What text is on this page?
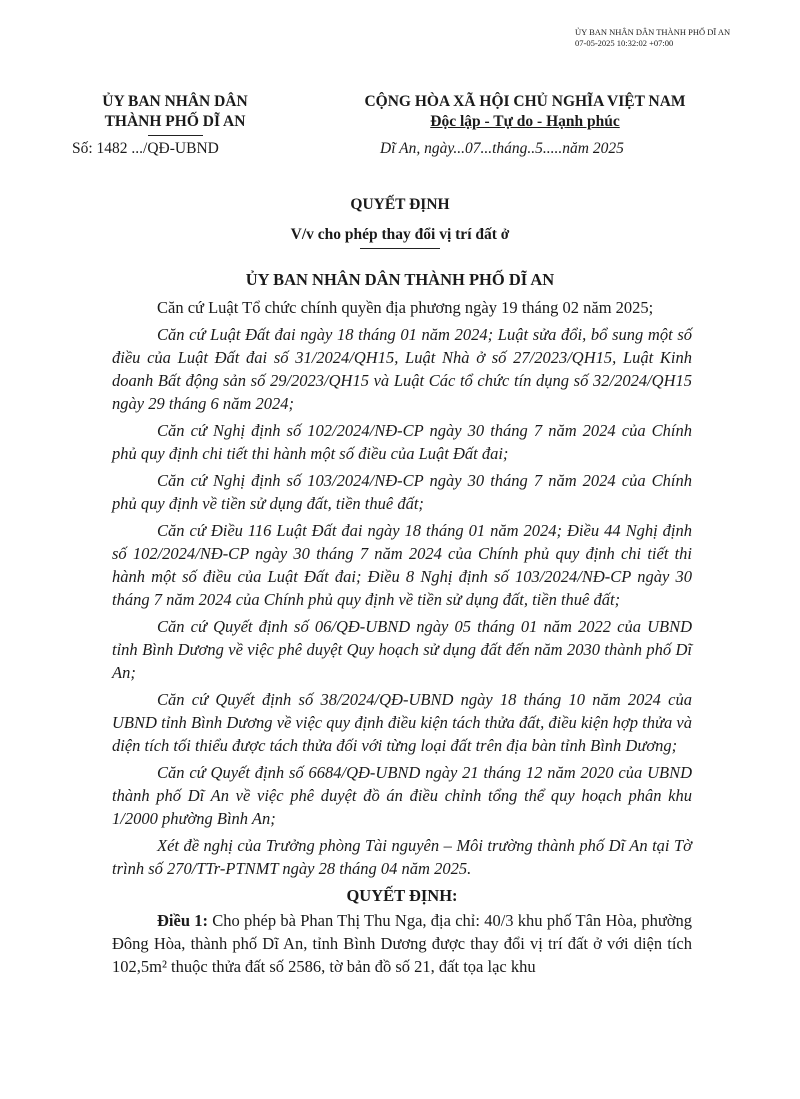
ỦY BAN NHÂN DÂN THÀNH PHỐ DĨ AN
07-05-2025 10:32:02 +07:00
ỦY BAN NHÂN DÂN
THÀNH PHỐ DĨ AN
Số: 1482 .../QĐ-UBND
CỘNG HÒA XÃ HỘI CHỦ NGHĨA VIỆT NAM
Độc lập - Tự do - Hạnh phúc
Dĩ An, ngày...07...tháng..5.....năm 2025
QUYẾT ĐỊNH
V/v cho phép thay đổi vị trí đất ở
ỦY BAN NHÂN DÂN THÀNH PHỐ DĨ AN

Căn cứ Luật Tổ chức chính quyền địa phương ngày 19 tháng 02 năm 2025;

Căn cứ Luật Đất đai ngày 18 tháng 01 năm 2024; Luật sửa đổi, bổ sung một số điều của Luật Đất đai số 31/2024/QH15, Luật Nhà ở số 27/2023/QH15, Luật Kinh doanh Bất động sản số 29/2023/QH15 và Luật Các tổ chức tín dụng số 32/2024/QH15 ngày 29 tháng 6 năm 2024;

Căn cứ Nghị định số 102/2024/NĐ-CP ngày 30 tháng 7 năm 2024 của Chính phủ quy định chi tiết thi hành một số điều của Luật Đất đai;

Căn cứ Nghị định số 103/2024/NĐ-CP ngày 30 tháng 7 năm 2024 của Chính phủ quy định về tiền sử dụng đất, tiền thuê đất;

Căn cứ Điều 116 Luật Đất đai ngày 18 tháng 01 năm 2024; Điều 44 Nghị định số 102/2024/NĐ-CP ngày 30 tháng 7 năm 2024 của Chính phủ quy định chi tiết thi hành một số điều của Luật Đất đai; Điều 8 Nghị định số 103/2024/NĐ-CP ngày 30 tháng 7 năm 2024 của Chính phủ quy định về tiền sử dụng đất, tiền thuê đất;

Căn cứ Quyết định số 06/QĐ-UBND ngày 05 tháng 01 năm 2022 của UBND tỉnh Bình Dương về việc phê duyệt Quy hoạch sử dụng đất đến năm 2030 thành phố Dĩ An;

Căn cứ Quyết định số 38/2024/QĐ-UBND ngày 18 tháng 10 năm 2024 của UBND tỉnh Bình Dương về việc quy định điều kiện tách thửa đất, điều kiện hợp thửa và diện tích tối thiểu được tách thửa đối với từng loại đất trên địa bàn tỉnh Bình Dương;

Căn cứ Quyết định số 6684/QĐ-UBND ngày 21 tháng 12 năm 2020 của UBND thành phố Dĩ An về việc phê duyệt đồ án điều chỉnh tổng thể quy hoạch phân khu 1/2000 phường Bình An;

Xét đề nghị của Trưởng phòng Tài nguyên – Môi trường thành phố Dĩ An tại Tờ trình số 270/TTr-PTNMT ngày 28 tháng 04 năm 2025.

QUYẾT ĐỊNH:

Điều 1: Cho phép bà Phan Thị Thu Nga, địa chỉ: 40/3 khu phố Tân Hòa, phường Đông Hòa, thành phố Dĩ An, tỉnh Bình Dương được thay đổi vị trí đất ở với diện tích 102,5m² thuộc thửa đất số 2586, tờ bản đồ số 21, đất tọa lạc khu
